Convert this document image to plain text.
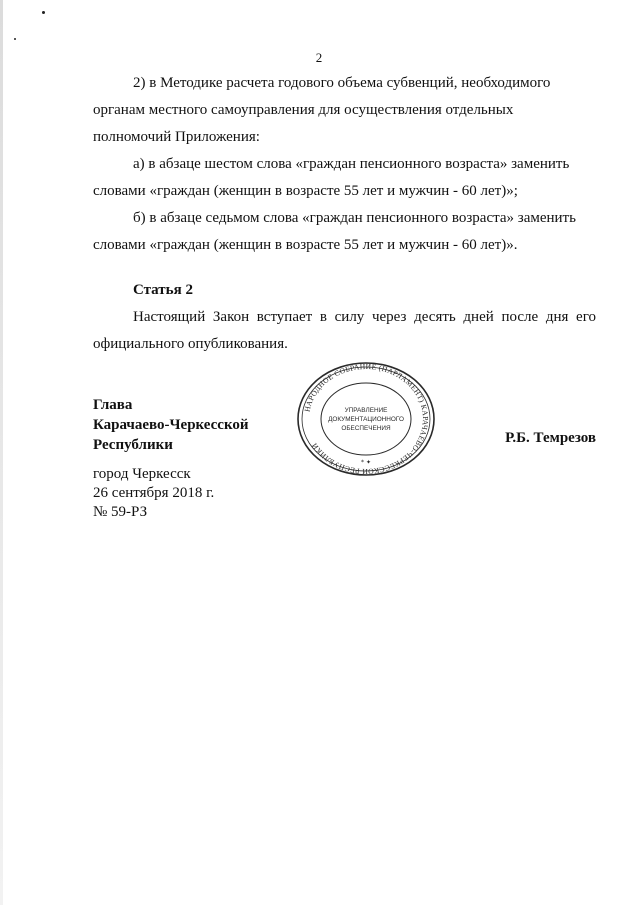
2

2) в Методике расчета годового объема субвенций, необходимого

органам местного самоуправления для осуществления отдельных

полномочий Приложения:

а) в абзаце шестом слова «граждан пенсионного возраста» заменить

словами «граждан (женщин в возрасте 55 лет и мужчин - 60 лет)»;

б) в абзаце седьмом слова «граждан пенсионного возраста» заменить

словами «граждан (женщин в возрасте 55 лет и мужчин - 60 лет)».

Статья 2

Настоящий Закон вступает в силу через десять дней после дня его

официального опубликования.

Глава
Карачаево-Черкесской
Республики
НАРОДНОЕ СОБРАНИЕ (ПАРЛАМЕНТ) КАРАЧАЕВО-ЧЕРКЕССКОЙ РЕСПУБЛИКИ
УПРАВЛЕНИЕ
ДОКУМЕНТАЦИОННОГО
ОБЕСПЕЧЕНИЯ
* ✦
Р.Б. Темрезов
город Черкесск
26 сентября 2018 г.
№ 59-РЗ
